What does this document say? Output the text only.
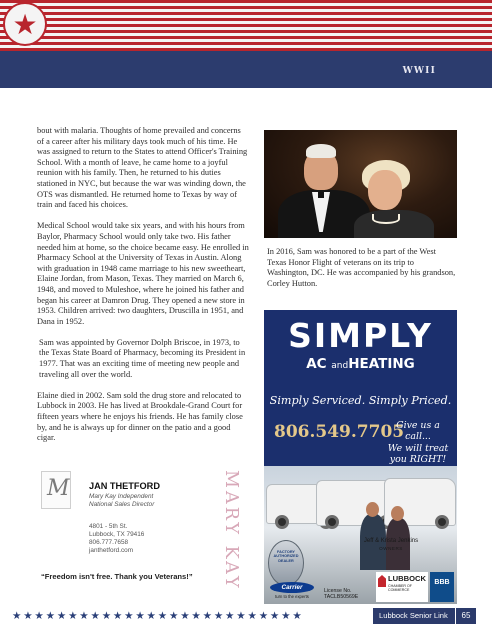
★
WWII

bout with malaria. Thoughts of home prevailed and concerns of a career after his military days took much of his time. He was assigned to return to the States to attend Officer's Training School. With a month of leave, he came home to a joyful reunion with his family. Then, he returned to his duties stationed in NYC, but because the war was winding down, the OTS was dismantled. He returned home to Texas by way of train and faced his choices.

Medical School would take six years, and with his hours from Baylor, Pharmacy School would only take two. His father needed him at home, so the choice became easy. He enrolled in Pharmacy School at the University of Texas in Austin. Along with graduation in 1948 came marriage to his new sweetheart, Elaine Jordan, from Mason, Texas. They married on March 6, 1948, and moved to Muleshoe, where he joined his father and began his career at Damron Drug. They opened a new store in 1953. Children arrived: two daughters, Druscilla in 1951, and Dana in 1952.

Sam was appointed by Governor Dolph Briscoe, in 1973, to the Texas State Board of Pharmacy, becoming its President in 1977. That was an exciting time of meeting new people and traveling all over the world.

Elaine died in 2002. Sam sold the drug store and relocated to Lubbock in 2003. He has lived at Brookdale-Grand Court for fifteen years where he enjoys his friends. He has family close by, and he is always up for dinner on the patio and a good cigar.

In 2016, Sam was honored to be a part of the West Texas Honor Flight of veterans on its trip to Washington, DC. He was accompanied by his grandson, Corley Hutton.
SIMPLY
AC andHEATING
Simply Serviced. Simply Priced.
806.549.7705
Give us a call...
We will treat
you RIGHT!
Jeff & Krista Jenkins
OWNERS
FACTORY AUTHORIZED DEALER
Carrier
turn to the experts
License No.
TACLB50569E
LUBBOCK
CHAMBER OF COMMERCE
BBB
M JAN THETFORD
Mary Kay Independent
National Sales Director
4801 - 5th St.
Lubbock, TX 79416
806.777.7658
janthetford.com
“Freedom isn't free. Thank you Veterans!”	MARY KAY
★★★★★★★★★★★★★★★★★★★★★★★★★★	Lubbock Senior Link	65
